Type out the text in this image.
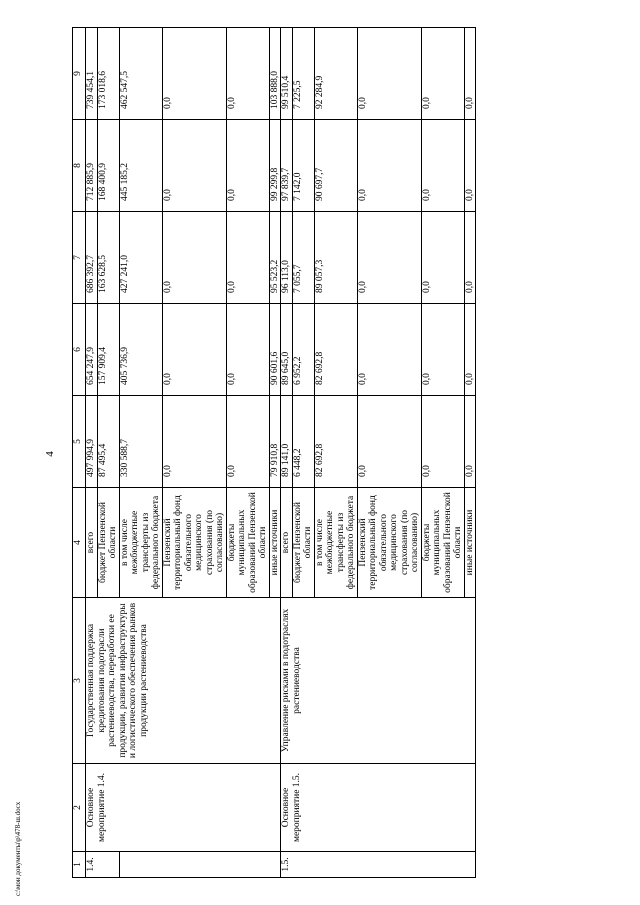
4
1	2	3	4	5	6	7	8	9
1.4.	Основное мероприятие 1.4.	Государственная поддержка кредитования подотрасли растениеводства, переработки ее продукции, развития инфраструктуры и логистического обеспечения рынков продукции растениеводства	всего	497 994,9	654 247,9	686 392,7	712 885,9	739 454,1
			бюджет Пензенской области	87 495,4	157 909,4	163 628,5	168 400,9	173 018,6
			в том числе межбюджетные трансферты из федерального бюджета	330 588,7	405 736,9	427 241,0	445 185,2	462 547,5
			Пензенский территориальный фонд обязательного медицинского страхования (по согласованию)	0,0	0,0	0,0	0,0	0,0
			бюджеты муниципальных образований Пензенской области	0,0	0,0	0,0	0,0	0,0
			иные источники	79 910,8	90 601,6	95 523,2	99 299,8	103 888,0
1.5.	Основное мероприятие 1.5.	Управление рисками в подотраслях растениеводства	всего	89 141,0	89 645,0	96 113,0	97 839,7	99 510,4
			бюджет Пензенской области	6 448,2	6 952,2	7 055,7	7 142,0	7 225,5
			в том числе межбюджетные трансферты из федерального бюджета	82 692,8	82 692,8	89 057,3	90 697,7	92 284,9
			Пензенский территориальный фонд обязательного медицинского страхования (по согласованию)	0,0	0,0	0,0	0,0	0,0
			бюджеты муниципальных образований Пензенской области	0,0	0,0	0,0	0,0	0,0
			иные источники	0,0	0,0	0,0	0,0	0,0
c:\мои документы\p\478-ш.docx
